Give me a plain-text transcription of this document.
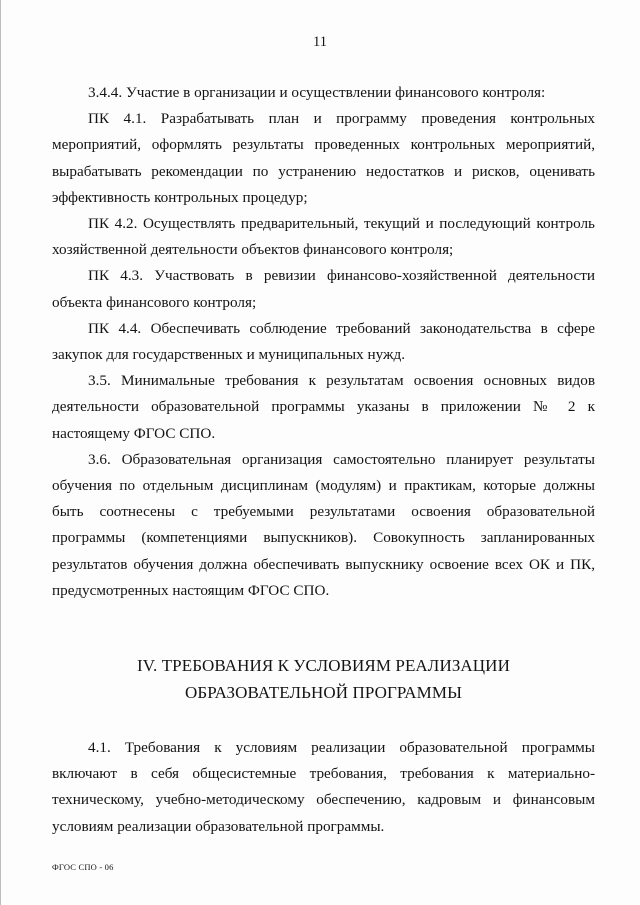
11

3.4.4. Участие в организации и осуществлении финансового контроля:

ПК 4.1. Разрабатывать план и программу проведения контрольных мероприятий, оформлять результаты проведенных контрольных мероприятий, вырабатывать рекомендации по устранению недостатков и рисков, оценивать эффективность контрольных процедур;

ПК 4.2. Осуществлять предварительный, текущий и последующий контроль хозяйственной деятельности объектов финансового контроля;

ПК 4.3. Участвовать в ревизии финансово-хозяйственной деятельности объекта финансового контроля;

ПК 4.4. Обеспечивать соблюдение требований законодательства в сфере закупок для государственных и муниципальных нужд.

3.5. Минимальные требования к результатам освоения основных видов деятельности образовательной программы указаны в приложении № 2 к настоящему ФГОС СПО.

3.6. Образовательная организация самостоятельно планирует результаты обучения по отдельным дисциплинам (модулям) и практикам, которые должны быть соотнесены с требуемыми результатами освоения образовательной программы (компетенциями выпускников). Совокупность запланированных результатов обучения должна обеспечивать выпускнику освоение всех ОК и ПК, предусмотренных настоящим ФГОС СПО.

IV. ТРЕБОВАНИЯ К УСЛОВИЯМ РЕАЛИЗАЦИИ
ОБРАЗОВАТЕЛЬНОЙ ПРОГРАММЫ

4.1. Требования к условиям реализации образовательной программы включают в себя общесистемные требования, требования к материально-техническому, учебно-методическому обеспечению, кадровым и финансовым условиям реализации образовательной программы.

ФГОС СПО - 06
